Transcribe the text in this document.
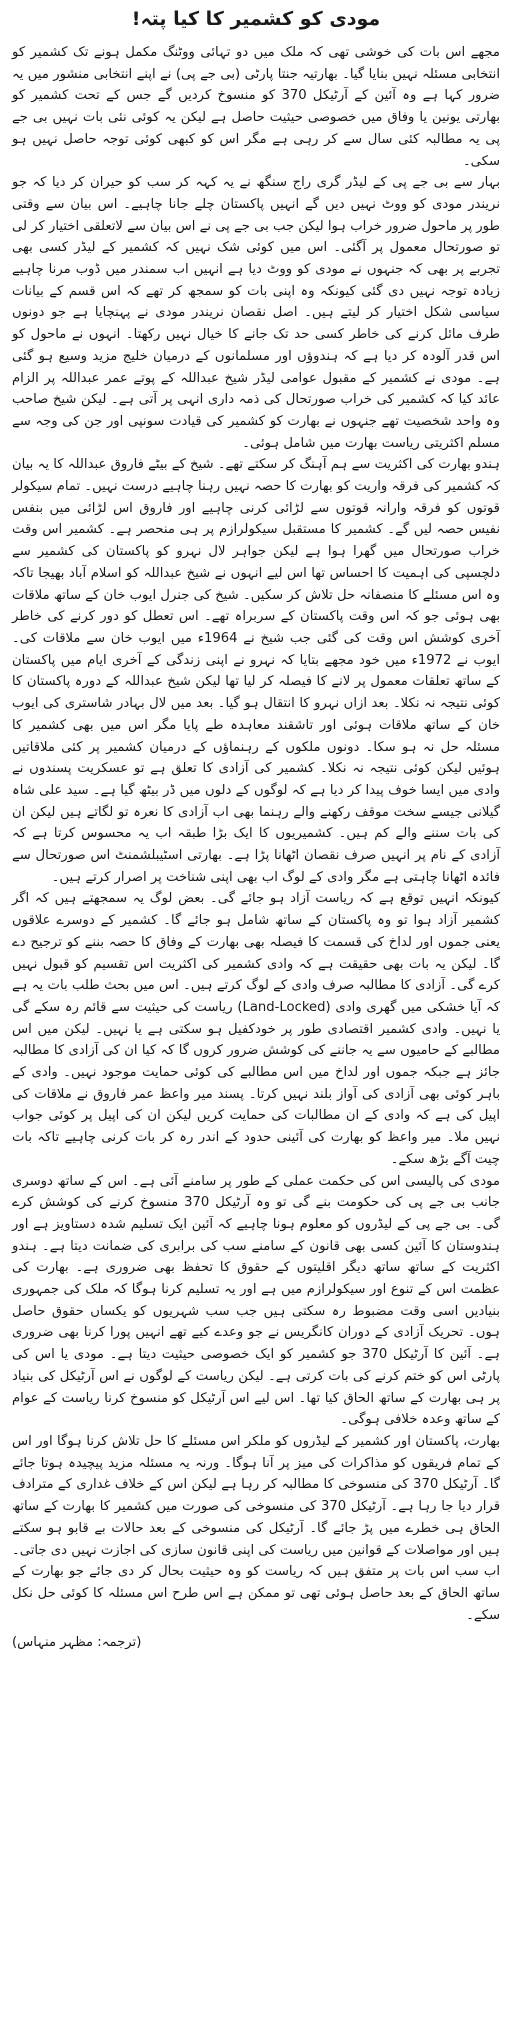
مودی کو کشمیر کا کیا پتہ!

مجھے اس بات کی خوشی تھی کہ ملک میں دو تہائی ووٹنگ مکمل ہونے تک کشمیر کو انتخابی مسئلہ نہیں بنایا گیا۔ بھارتیہ جنتا پارٹی (بی جے پی) نے اپنے انتخابی منشور میں یہ ضرور کہا ہے وہ آئین کے آرٹیکل 370 کو منسوخ کردیں گے جس کے تحت کشمیر کو بھارتی یونین یا وفاق میں خصوصی حیثیت حاصل ہے لیکن یہ کوئی نئی بات نہیں بی جے پی یہ مطالبہ کئی سال سے کر رہی ہے مگر اس کو کبھی کوئی توجہ حاصل نہیں ہو سکی۔

بہار سے بی جے پی کے لیڈر گری راج سنگھ نے یہ کہہ کر سب کو حیران کر دیا کہ جو نریندر مودی کو ووٹ نہیں دیں گے انہیں پاکستان چلے جانا چاہیے۔ اس بیان سے وقتی طور پر ماحول ضرور خراب ہوا لیکن جب بی جے پی نے اس بیان سے لاتعلقی اختیار کر لی تو صورتحال معمول پر آگئی۔ اس میں کوئی شک نہیں کہ کشمیر کے لیڈر کسی بھی تجربے پر بھی کہ جنہوں نے مودی کو ووٹ دیا ہے انہیں اب سمندر میں ڈوب مرنا چاہیے زیادہ توجہ نہیں دی گئی کیونکہ وہ اپنی بات کو سمجھ کر تھے کہ اس قسم کے بیانات سیاسی شکل اختیار کر لیتے ہیں۔ اصل نقصان نریندر مودی نے پہنچایا ہے جو دونوں طرف مائل کرنے کی خاطر کسی حد تک جانے کا خیال نہیں رکھتا۔ انہوں نے ماحول کو اس قدر آلودہ کر دیا ہے کہ ہندوؤں اور مسلمانوں کے درمیان خلیج مزید وسیع ہو گئی ہے۔ مودی نے کشمیر کے مقبول عوامی لیڈر شیخ عبداللہ کے پوتے عمر عبداللہ پر الزام عائد کیا کہ کشمیر کی خراب صورتحال کی ذمہ داری انہی پر آتی ہے۔ لیکن شیخ صاحب وہ واحد شخصیت تھے جنہوں نے بھارت کو کشمیر کی قیادت سونپی اور جن کی وجہ سے مسلم اکثریتی ریاست بھارت میں شامل ہوئی۔

ہندو بھارت کی اکثریت سے ہم آہنگ کر سکتے تھے۔ شیخ کے بیٹے فاروق عبداللہ کا یہ بیان کہ کشمیر کی فرقہ واریت کو بھارت کا حصہ نہیں رہنا چاہیے درست نہیں۔ تمام سیکولر قوتوں کو فرقہ وارانہ قوتوں سے لڑائی کرنی چاہیے اور فاروق اس لڑائی میں بنفس نفیس حصہ لیں گے۔ کشمیر کا مستقبل سیکولرازم پر ہی منحصر ہے۔ کشمیر اس وقت خراب صورتحال میں گھرا ہوا ہے لیکن جواہر لال نہرو کو پاکستان کی کشمیر سے دلچسپی کی اہمیت کا احساس تھا اس لیے انہوں نے شیخ عبداللہ کو اسلام آباد بھیجا تاکہ وہ اس مسئلے کا منصفانہ حل تلاش کر سکیں۔ شیخ کی جنرل ایوب خان کے ساتھ ملاقات بھی ہوئی جو کہ اس وقت پاکستان کے سربراہ تھے۔ اس تعطل کو دور کرنے کی خاطر آخری کوشش اس وقت کی گئی جب شیخ نے 1964ء میں ایوب خان سے ملاقات کی۔ ایوب نے 1972ء میں خود مجھے بتایا کہ نہرو نے اپنی زندگی کے آخری ایام میں پاکستان کے ساتھ تعلقات معمول پر لانے کا فیصلہ کر لیا تھا لیکن شیخ عبداللہ کے دورہ پاکستان کا کوئی نتیجہ نہ نکلا۔ بعد ازاں نہرو کا انتقال ہو گیا۔ بعد میں لال بہادر شاستری کی ایوب خان کے ساتھ ملاقات ہوئی اور تاشقند معاہدہ طے پایا مگر اس میں بھی کشمیر کا مسئلہ حل نہ ہو سکا۔ دونوں ملکوں کے رہنماؤں کے درمیان کشمیر پر کئی ملاقاتیں ہوئیں لیکن کوئی نتیجہ نہ نکلا۔ کشمیر کی آزادی کا تعلق ہے تو عسکریت پسندوں نے وادی میں ایسا خوف پیدا کر دیا ہے کہ لوگوں کے دلوں میں ڈر بیٹھ گیا ہے۔ سید علی شاہ گیلانی جیسے سخت موقف رکھنے والے رہنما بھی اب آزادی کا نعرہ تو لگاتے ہیں لیکن ان کی بات سننے والے کم ہیں۔ کشمیریوں کا ایک بڑا طبقہ اب یہ محسوس کرتا ہے کہ آزادی کے نام پر انہیں صرف نقصان اٹھانا پڑا ہے۔ بھارتی اسٹیبلشمنٹ اس صورتحال سے فائدہ اٹھانا چاہتی ہے مگر وادی کے لوگ اب بھی اپنی شناخت پر اصرار کرتے ہیں۔

کیونکہ انہیں توقع ہے کہ ریاست آزاد ہو جائے گی۔ بعض لوگ یہ سمجھتے ہیں کہ اگر کشمیر آزاد ہوا تو وہ پاکستان کے ساتھ شامل ہو جائے گا۔ کشمیر کے دوسرے علاقوں یعنی جموں اور لداخ کی قسمت کا فیصلہ بھی بھارت کے وفاق کا حصہ بننے کو ترجیح دے گا۔ لیکن یہ بات بھی حقیقت ہے کہ وادی کشمیر کی اکثریت اس تقسیم کو قبول نہیں کرے گی۔ آزادی کا مطالبہ صرف وادی کے لوگ کرتے ہیں۔ اس میں بحث طلب بات یہ ہے کہ آیا خشکی میں گھری وادی (Land-Locked) ریاست کی حیثیت سے قائم رہ سکے گی یا نہیں۔ وادی کشمیر اقتصادی طور پر خودکفیل ہو سکتی ہے یا نہیں۔ لیکن میں اس مطالبے کے حامیوں سے یہ جاننے کی کوشش ضرور کروں گا کہ کیا ان کی آزادی کا مطالبہ جائز ہے جبکہ جموں اور لداخ میں اس مطالبے کی کوئی حمایت موجود نہیں۔ وادی کے باہر کوئی بھی آزادی کی آواز بلند نہیں کرتا۔ پسند میر واعظ عمر فاروق نے ملاقات کی اپیل کی ہے کہ وادی کے ان مطالبات کی حمایت کریں لیکن ان کی اپیل پر کوئی جواب نہیں ملا۔ میر واعظ کو بھارت کی آئینی حدود کے اندر رہ کر بات کرنی چاہیے تاکہ بات چیت آگے بڑھ سکے۔

مودی کی پالیسی اس کی حکمت عملی کے طور پر سامنے آئی ہے۔ اس کے ساتھ دوسری جانب بی جے پی کی حکومت بنے گی تو وہ آرٹیکل 370 منسوخ کرنے کی کوشش کرے گی۔ بی جے پی کے لیڈروں کو معلوم ہونا چاہیے کہ آئین ایک تسلیم شدہ دستاویز ہے اور ہندوستان کا آئین کسی بھی قانون کے سامنے سب کی برابری کی ضمانت دیتا ہے۔ ہندو اکثریت کے ساتھ ساتھ دیگر اقلیتوں کے حقوق کا تحفظ بھی ضروری ہے۔ بھارت کی عظمت اس کے تنوع اور سیکولرازم میں ہے اور یہ تسلیم کرنا ہوگا کہ ملک کی جمہوری بنیادیں اسی وقت مضبوط رہ سکتی ہیں جب سب شہریوں کو یکساں حقوق حاصل ہوں۔ تحریک آزادی کے دوران کانگریس نے جو وعدے کیے تھے انہیں پورا کرنا بھی ضروری ہے۔ آئین کا آرٹیکل 370 جو کشمیر کو ایک خصوصی حیثیت دیتا ہے۔ مودی یا اس کی پارٹی اس کو ختم کرنے کی بات کرتی ہے۔ لیکن ریاست کے لوگوں نے اس آرٹیکل کی بنیاد پر ہی بھارت کے ساتھ الحاق کیا تھا۔ اس لیے اس آرٹیکل کو منسوخ کرنا ریاست کے عوام کے ساتھ وعدہ خلافی ہوگی۔

بھارت، پاکستان اور کشمیر کے لیڈروں کو ملکر اس مسئلے کا حل تلاش کرنا ہوگا اور اس کے تمام فریقوں کو مذاکرات کی میز پر آنا ہوگا۔ ورنہ یہ مسئلہ مزید پیچیدہ ہوتا جائے گا۔ آرٹیکل 370 کی منسوخی کا مطالبہ کر رہا ہے لیکن اس کے خلاف غداری کے مترادف قرار دیا جا رہا ہے۔ آرٹیکل 370 کی منسوخی کی صورت میں کشمیر کا بھارت کے ساتھ الحاق ہی خطرے میں پڑ جائے گا۔ آرٹیکل کی منسوخی کے بعد حالات بے قابو ہو سکتے ہیں اور مواصلات کے قوانین میں ریاست کی اپنی قانون سازی کی اجازت نہیں دی جاتی۔ اب سب اس بات پر متفق ہیں کہ ریاست کو وہ حیثیت بحال کر دی جائے جو بھارت کے ساتھ الحاق کے بعد حاصل ہوئی تھی تو ممکن ہے اس طرح اس مسئلہ کا کوئی حل نکل سکے۔

(ترجمہ: مظہر منہاس)
